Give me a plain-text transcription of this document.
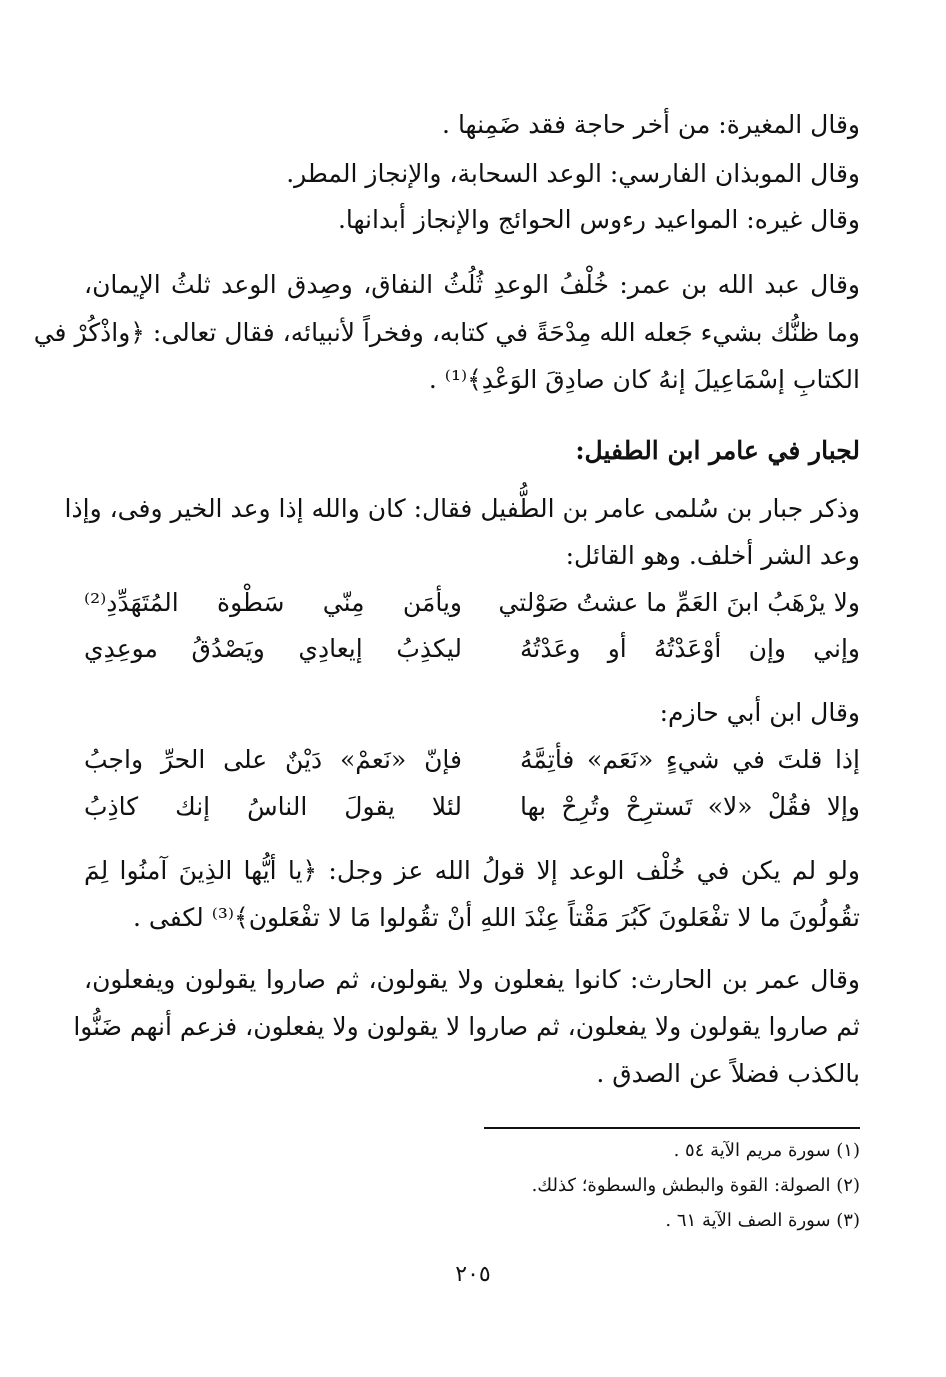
وقال المغيرة: من أخر حاجة فقد ضَمِنها .
وقال الموبذان الفارسي: الوعد السحابة، والإنجاز المطر.
وقال غيره: المواعيد رءوس الحوائج والإنجاز أبدانها.
وقال عبد الله بن عمر: خُلْفُ الوعدِ ثُلُثُ النفاق، وصِدق الوعد ثلثُ الإيمان،
وما ظنُّك بشيء جَعله الله مِدْحَةً في كتابه، وفخراً لأنبيائه، فقال تعالى: ﴿واذْكُرْ في
الكتابِ إسْمَاعِيلَ إنهُ كان صادِقَ الوَعْدِ﴾⁽¹⁾ .
لجبار في عامر ابن الطفيل:
وذكر جبار بن سُلمى عامر بن الطُّفيل فقال: كان والله إذا وعد الخير وفى، وإذا
وعد الشر أخلف. وهو القائل:
ولا يرْهَبُ ابنَ العَمِّ ما عشتُ صَوْلتي
ويأمَن مِنّي سَطْوة المُتَهَدِّدِ⁽²⁾
وإني وإن أوْعَدْتُهُ أو وعَدْتُهُ
ليكذِبُ إيعادِي ويَصْدُقُ موعِدِي
وقال ابن أبي حازم:
إذا قلتَ في شيءٍ «نَعَم» فأتِمَّهُ
فإنّ «نَعمْ» دَيْنٌ على الحرِّ واجبُ
وإلا فقُلْ «لا» تَسترِحْ وتُرِحْ بها
لئلا يقولَ الناسُ إنك كاذِبُ
ولو لم يكن في خُلْف الوعد إلا قولُ الله عز وجل: ﴿يا أيُّها الذِينَ آمنُوا لِمَ
تقُولُونَ ما لا تفْعَلونَ كَبُرَ مَقْتاً عِنْدَ اللهِ أنْ تقُولوا مَا لا تفْعَلون﴾⁽³⁾ لكفى .
وقال عمر بن الحارث: كانوا يفعلون ولا يقولون، ثم صاروا يقولون ويفعلون،
ثم صاروا يقولون ولا يفعلون، ثم صاروا لا يقولون ولا يفعلون، فزعم أنهم ضَنُّوا
بالكذب فضلاً عن الصدق .
(١) سورة مريم الآية ٥٤ .
(٢) الصولة: القوة والبطش والسطوة؛ كذلك.
(٣) سورة الصف الآية ٦١ .
٢٠٥
